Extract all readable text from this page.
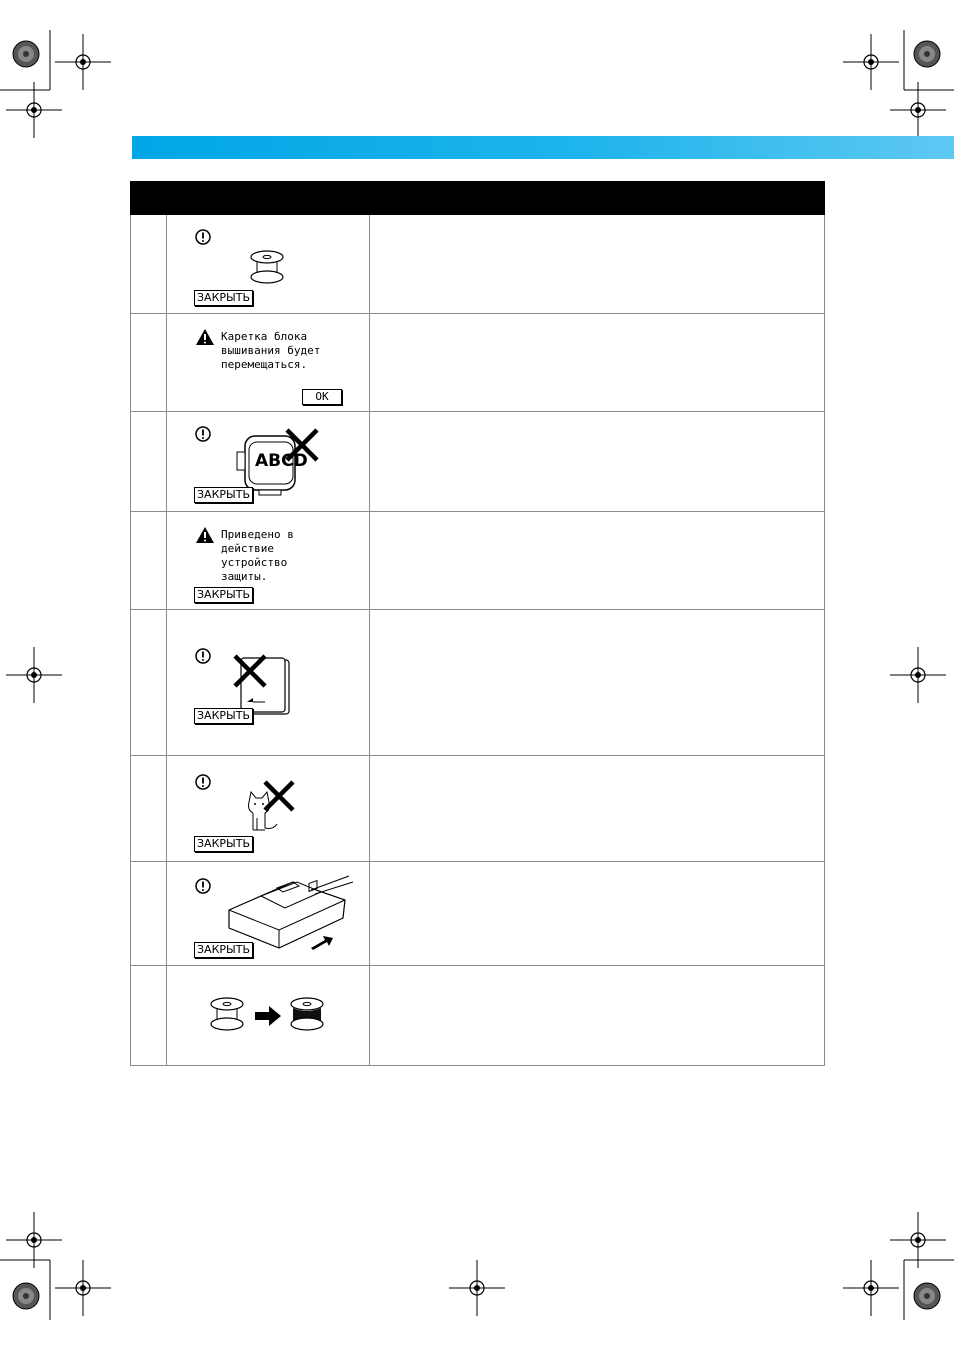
	ЗАКРЫТЬ	

	Каретка блока
вышивания будет
перемещаться.
OK	

	ABCD
ЗАКРЫТЬ	

	Приведено в
действие
устройство
защиты.
ЗАКРЫТЬ	

	ЗАКРЫТЬ	

	ЗАКРЫТЬ	

	ЗАКРЫТЬ	
